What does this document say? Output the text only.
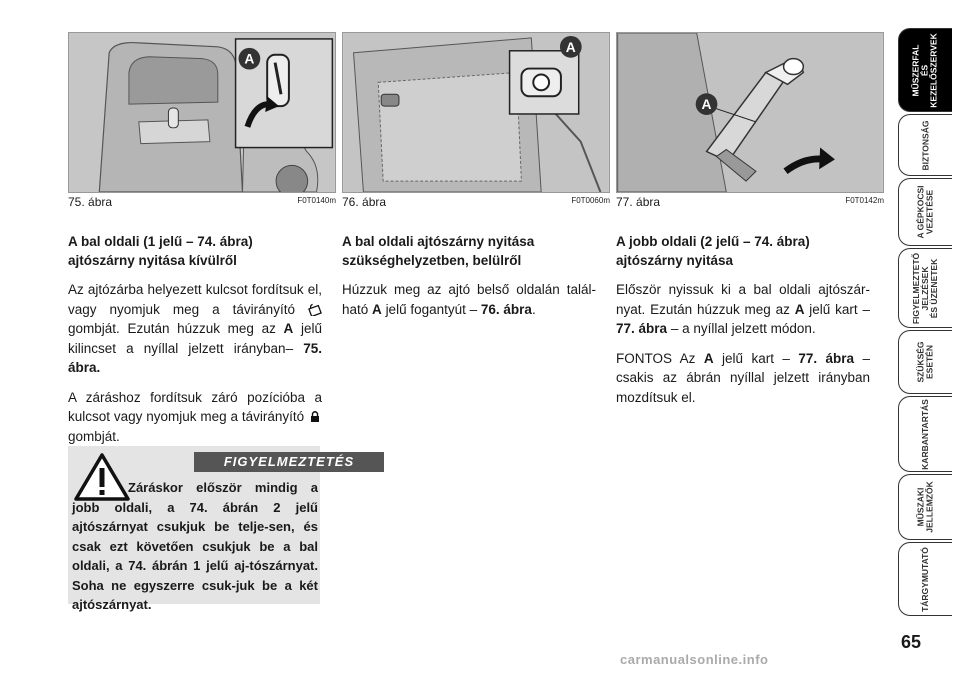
A
75. ábra	F0T0140m
A
76. ábra	F0T0060m
A
77. ábra	F0T0142m
A bal oldali (1 jelű – 74. ábra) ajtószárny nyitása kívülről

Az ajtózárba helyezett kulcsot fordítsuk el, vagy nyomjuk meg a távirányító  gombját. Ezután húzzuk meg az A jelű kilincset a nyíllal jelzett irányban– 75. ábra.

A záráshoz fordítsuk záró pozícióba a kulcsot vagy nyomjuk meg a távirányító  gombját.

FIGYELMEZTETÉS
Záráskor először mindig a jobb oldali, a 74. ábrán 2 jelű ajtószárnyat csukjuk be telje-sen, és csak ezt követően csukjuk be a bal oldali, a 74. ábrán 1 jelű aj-tószárnyat. Soha ne egyszerre csuk-juk be a két ajtószárnyat.
A bal oldali ajtószárny nyitása szükséghelyzetben, belülről

Húzzuk meg az ajtó belső oldalán talál-ható A jelű fogantyút – 76. ábra.

A jobb oldali (2 jelű – 74. ábra) ajtószárny nyitása

Először nyissuk ki a bal oldali ajtószár-nyat. Ezután húzzuk meg az A jelű kart – 77. ábra – a nyíllal jelzett módon.

FONTOS Az A jelű kart – 77. ábra – csakis az ábrán nyíllal jelzett irányban mozdítsuk el.

MŰSZERFAL
ÉS
KEZELŐSZERVEK
BIZTONSÁG
A GÉPKOCSI
VEZETÉSE
FIGYELMEZTETŐ
JELZÉSEK
ÉS ÜZENETEK
SZÜKSÉG
ESETÉN
KARBANTARTÁS
MŰSZAKI
JELLEMZŐK
TÁRGYMUTATÓ
65
carmanualsonline.info
